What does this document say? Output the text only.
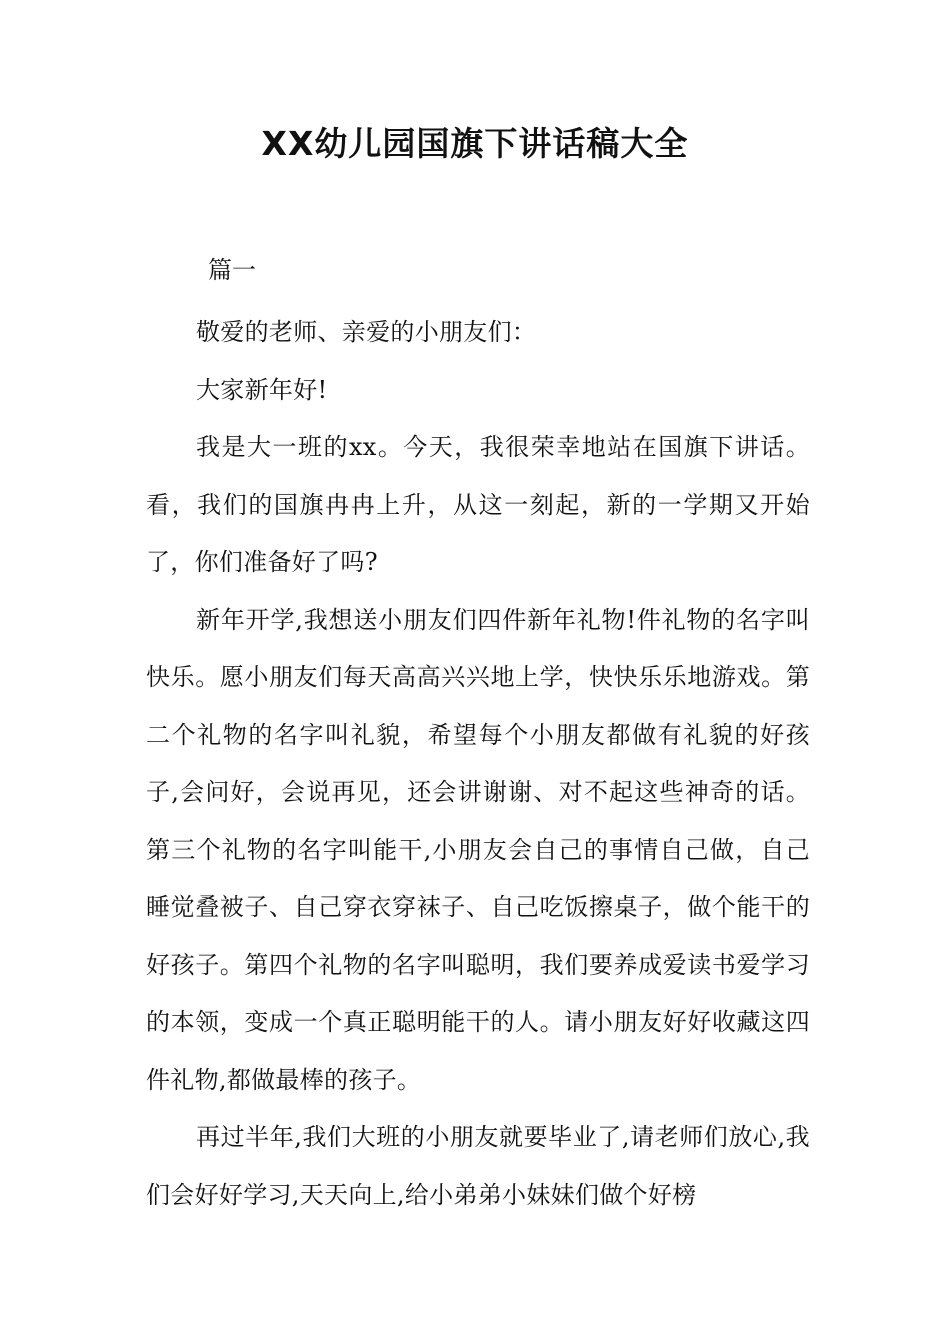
XX幼儿园国旗下讲话稿大全
篇一

敬爱的老师、亲爱的小朋友们：

大家新年好!

我是大一班的xx。今天，我很荣幸地站在国旗下讲话。看，我们的国旗冉冉上升，从这一刻起，新的一学期又开始了，你们准备好了吗?

新年开学,我想送小朋友们四件新年礼物!件礼物的名字叫快乐。愿小朋友们每天高高兴兴地上学，快快乐乐地游戏。第二个礼物的名字叫礼貌，希望每个小朋友都做有礼貌的好孩子,会问好，会说再见，还会讲谢谢、对不起这些神奇的话。第三个礼物的名字叫能干,小朋友会自己的事情自己做，自己睡觉叠被子、自己穿衣穿袜子、自己吃饭擦桌子，做个能干的好孩子。第四个礼物的名字叫聪明，我们要养成爱读书爱学习的本领，变成一个真正聪明能干的人。请小朋友好好收藏这四件礼物,都做最棒的孩子。

再过半年,我们大班的小朋友就要毕业了,请老师们放心,我们会好好学习,天天向上,给小弟弟小妹妹们做个好榜
